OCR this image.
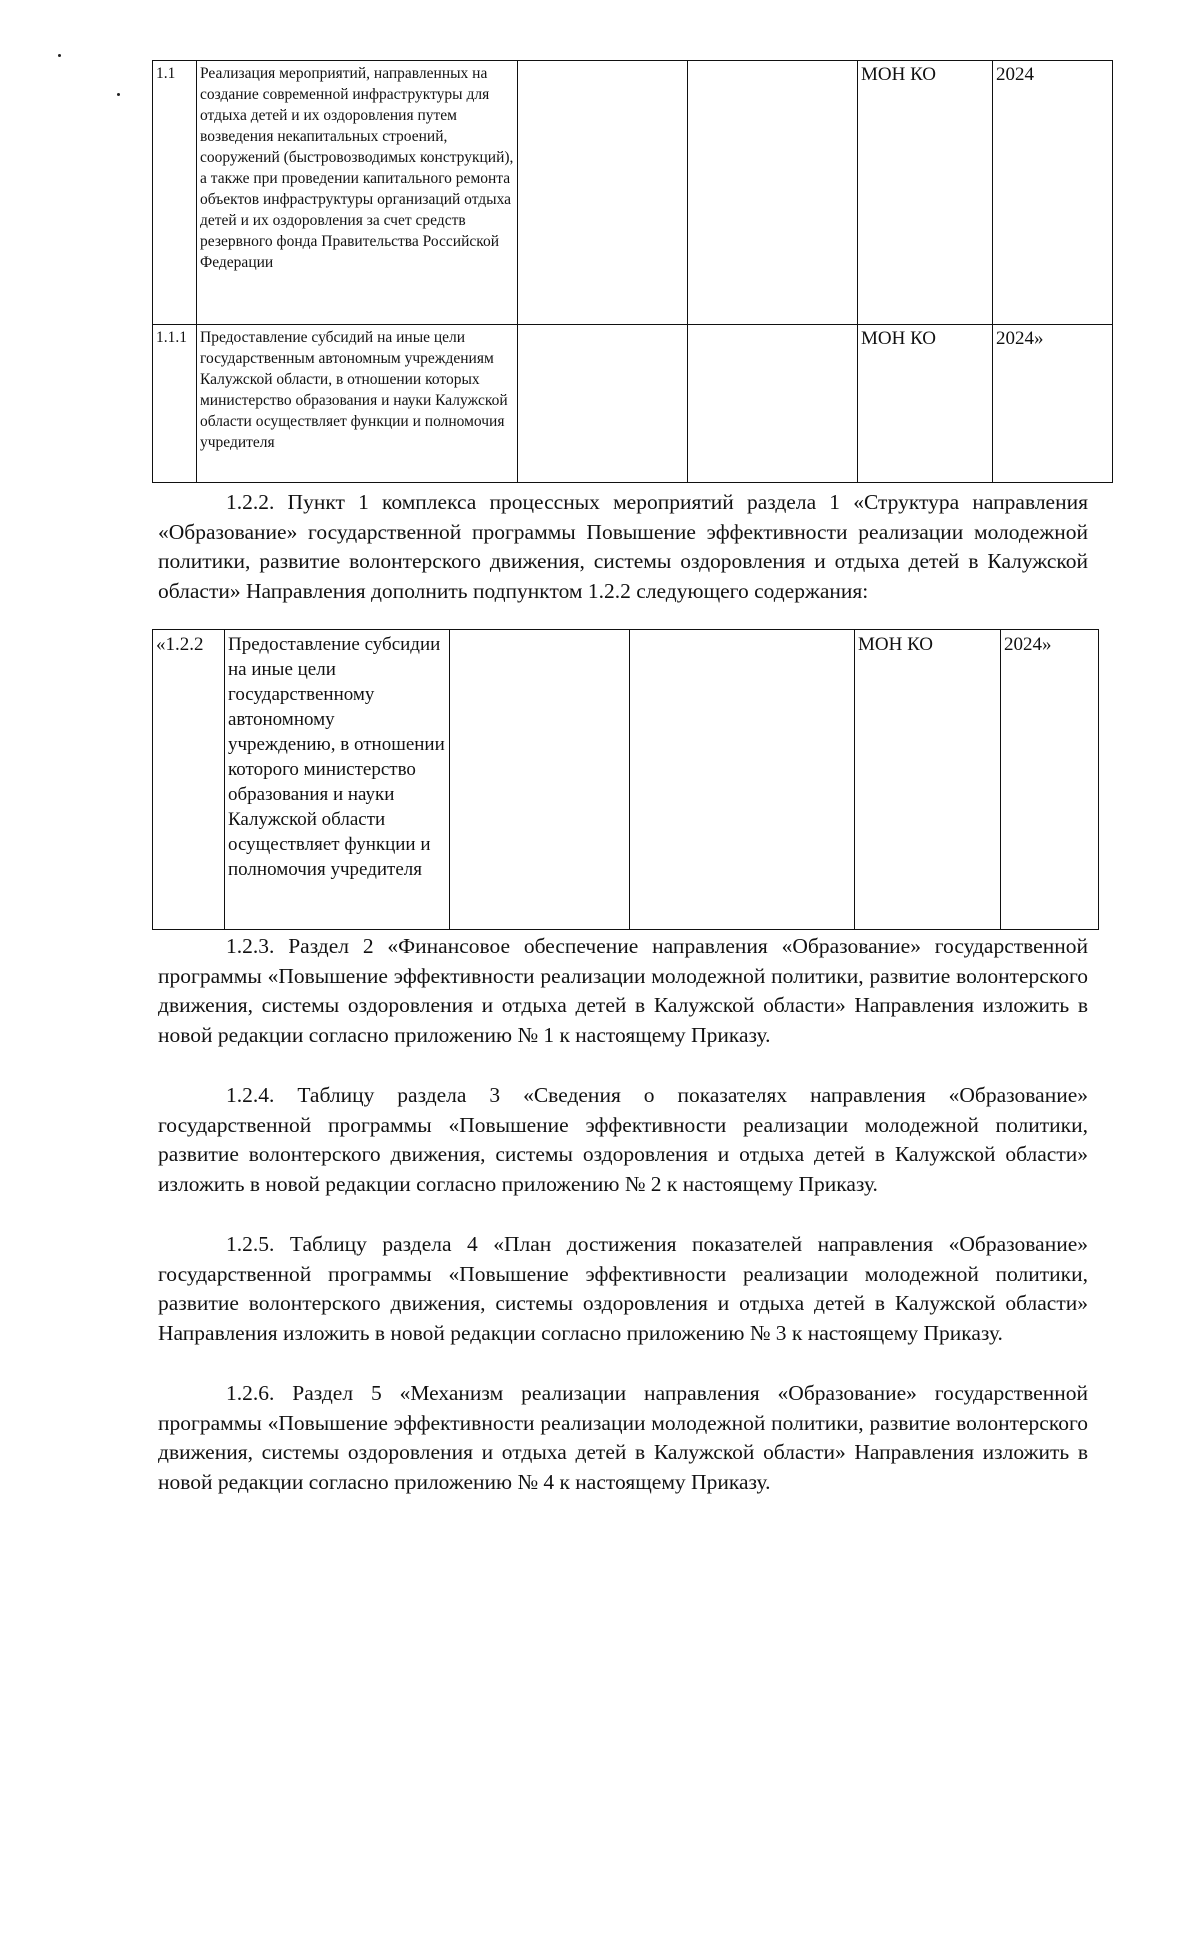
1.1	Реализация мероприятий, направленных на создание современной инфраструктуры для отдыха детей и их оздоровления путем возведения некапитальных строений, сооружений (быстровозводимых конструкций), а также при проведении капитального ремонта объектов инфраструктуры организаций отдыха детей и их оздоровления за счет средств резервного фонда Правительства Российской Федерации			МОН КО	2024
1.1.1	Предоставление субсидий на иные цели государственным автономным учреждениям Калужской области, в отношении которых министерство образования и науки Калужской области осуществляет функции и полномочия учредителя			МОН КО	2024»

1.2.2. Пункт 1 комплекса процессных мероприятий раздела 1 «Структура направления «Образование» государственной программы Повышение эффективности реализации молодежной политики, развитие волонтерского движения, системы оздоровления и отдыха детей в Калужской области» Направления дополнить подпунктом 1.2.2 следующего содержания:

«1.2.2	Предоставление субсидии на иные цели государственному автономному учреждению, в отношении которого министерство образования и науки Калужской области осуществляет функции и полномочия учредителя			МОН КО	2024»

1.2.3. Раздел 2 «Финансовое обеспечение направления «Образование» государственной программы «Повышение эффективности реализации молодежной политики, развитие волонтерского движения, системы оздоровления и отдыха детей в Калужской области» Направления изложить в новой редакции согласно приложению № 1 к настоящему Приказу.

1.2.4. Таблицу раздела 3 «Сведения о показателях направления «Образование» государственной программы «Повышение эффективности реализации молодежной политики, развитие волонтерского движения, системы оздоровления и отдыха детей в Калужской области» изложить в новой редакции согласно приложению № 2 к настоящему Приказу.

1.2.5. Таблицу раздела 4 «План достижения показателей направления «Образование» государственной программы «Повышение эффективности реализации молодежной политики, развитие волонтерского движения, системы оздоровления и отдыха детей в Калужской области» Направления изложить в новой редакции согласно приложению № 3 к настоящему Приказу.

1.2.6. Раздел 5 «Механизм реализации направления «Образование» государственной программы «Повышение эффективности реализации молодежной политики, развитие волонтерского движения, системы оздоровления и отдыха детей в Калужской области» Направления изложить в новой редакции согласно приложению № 4 к настоящему Приказу.
